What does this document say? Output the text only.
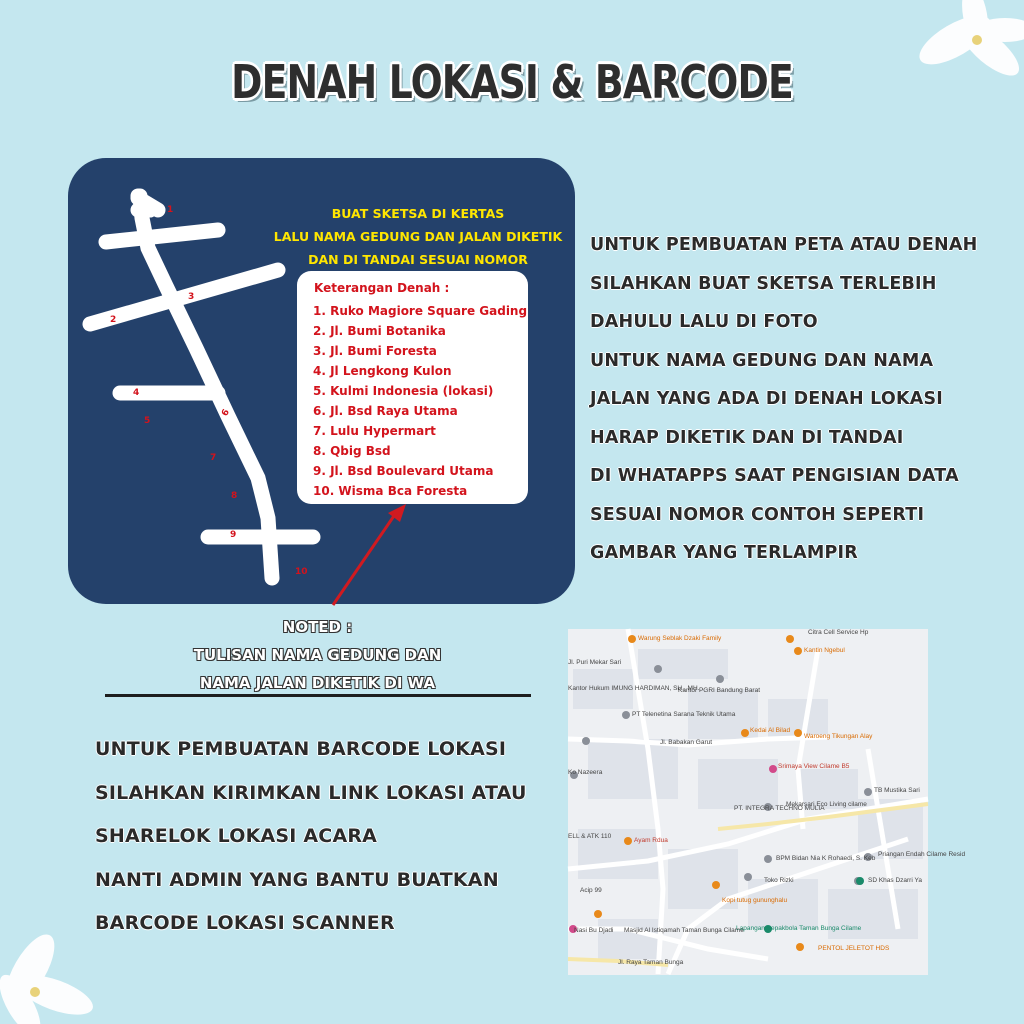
DENAH LOKASI & BARCODE
BUAT SKETSA DI KERTAS
LALU NAMA GEDUNG DAN JALAN DIKETIK
DAN DI TANDAI SESUAI NOMOR
1
2
3
4
5
6
7
8
9
10
Keterangan Denah :
1. Ruko Magiore Square Gading
2. Jl. Bumi Botanika
3. Jl. Bumi Foresta
4. Jl Lengkong Kulon
5. Kulmi Indonesia (lokasi)
6. Jl. Bsd Raya Utama
7. Lulu Hypermart
8. Qbig Bsd
9. Jl. Bsd Boulevard Utama
10. Wisma Bca Foresta
UNTUK PEMBUATAN PETA ATAU DENAH
SILAHKAN BUAT SKETSA TERLEBIH
DAHULU LALU DI FOTO
UNTUK NAMA GEDUNG DAN NAMA
JALAN YANG ADA DI DENAH LOKASI
HARAP DIKETIK DAN DI TANDAI
DI WHATAPPS SAAT PENGISIAN DATA
SESUAI NOMOR CONTOH SEPERTI
GAMBAR YANG TERLAMPIR
NOTED :
TULISAN NAMA GEDUNG DAN
NAMA JALAN DIKETIK DI WA
UNTUK PEMBUATAN BARCODE LOKASI
SILAHKAN KIRIMKAN LINK LOKASI ATAU
SHARELOK LOKASI ACARA
NANTI ADMIN YANG BANTU BUATKAN
BARCODE LOKASI SCANNER
Warung Seblak Dzaki Family
Citra Cell Service Hp
Kantin Ngebul
Jl. Puri Mekar Sari
Kantor Hukum IMUNG HARDIMAN, SH., MH.
Kantor PGRI Bandung Barat
PT Telenetina Sarana Teknik Utama
Kedai Al Bilad
Waroeng Tikungan Alay
Jl. Babakan Garut
Srimaya View Cilame B5
TB Mustika Sari
PT. INTEGRA TECHNO MULIA
Mekarsari Eco Living cilame
Ayam Rdua
BPM Bidan Nia K Rohaedi, S. Keb
Priangan Endah Cilame Resid
Toko Rizki	SD Khas Dzarri Ya
Kopi tutug gununghalu
Lapangan Sepakbola Taman Bunga Cilame
Masjid Al Istiqamah Taman Bunga Cilame
PENTOL JELETOT HDS
Jl. Raya Taman Bunga
Nasi Bu Djadi
Acip 99
Ko Nazeera
ELL & ATK 110
